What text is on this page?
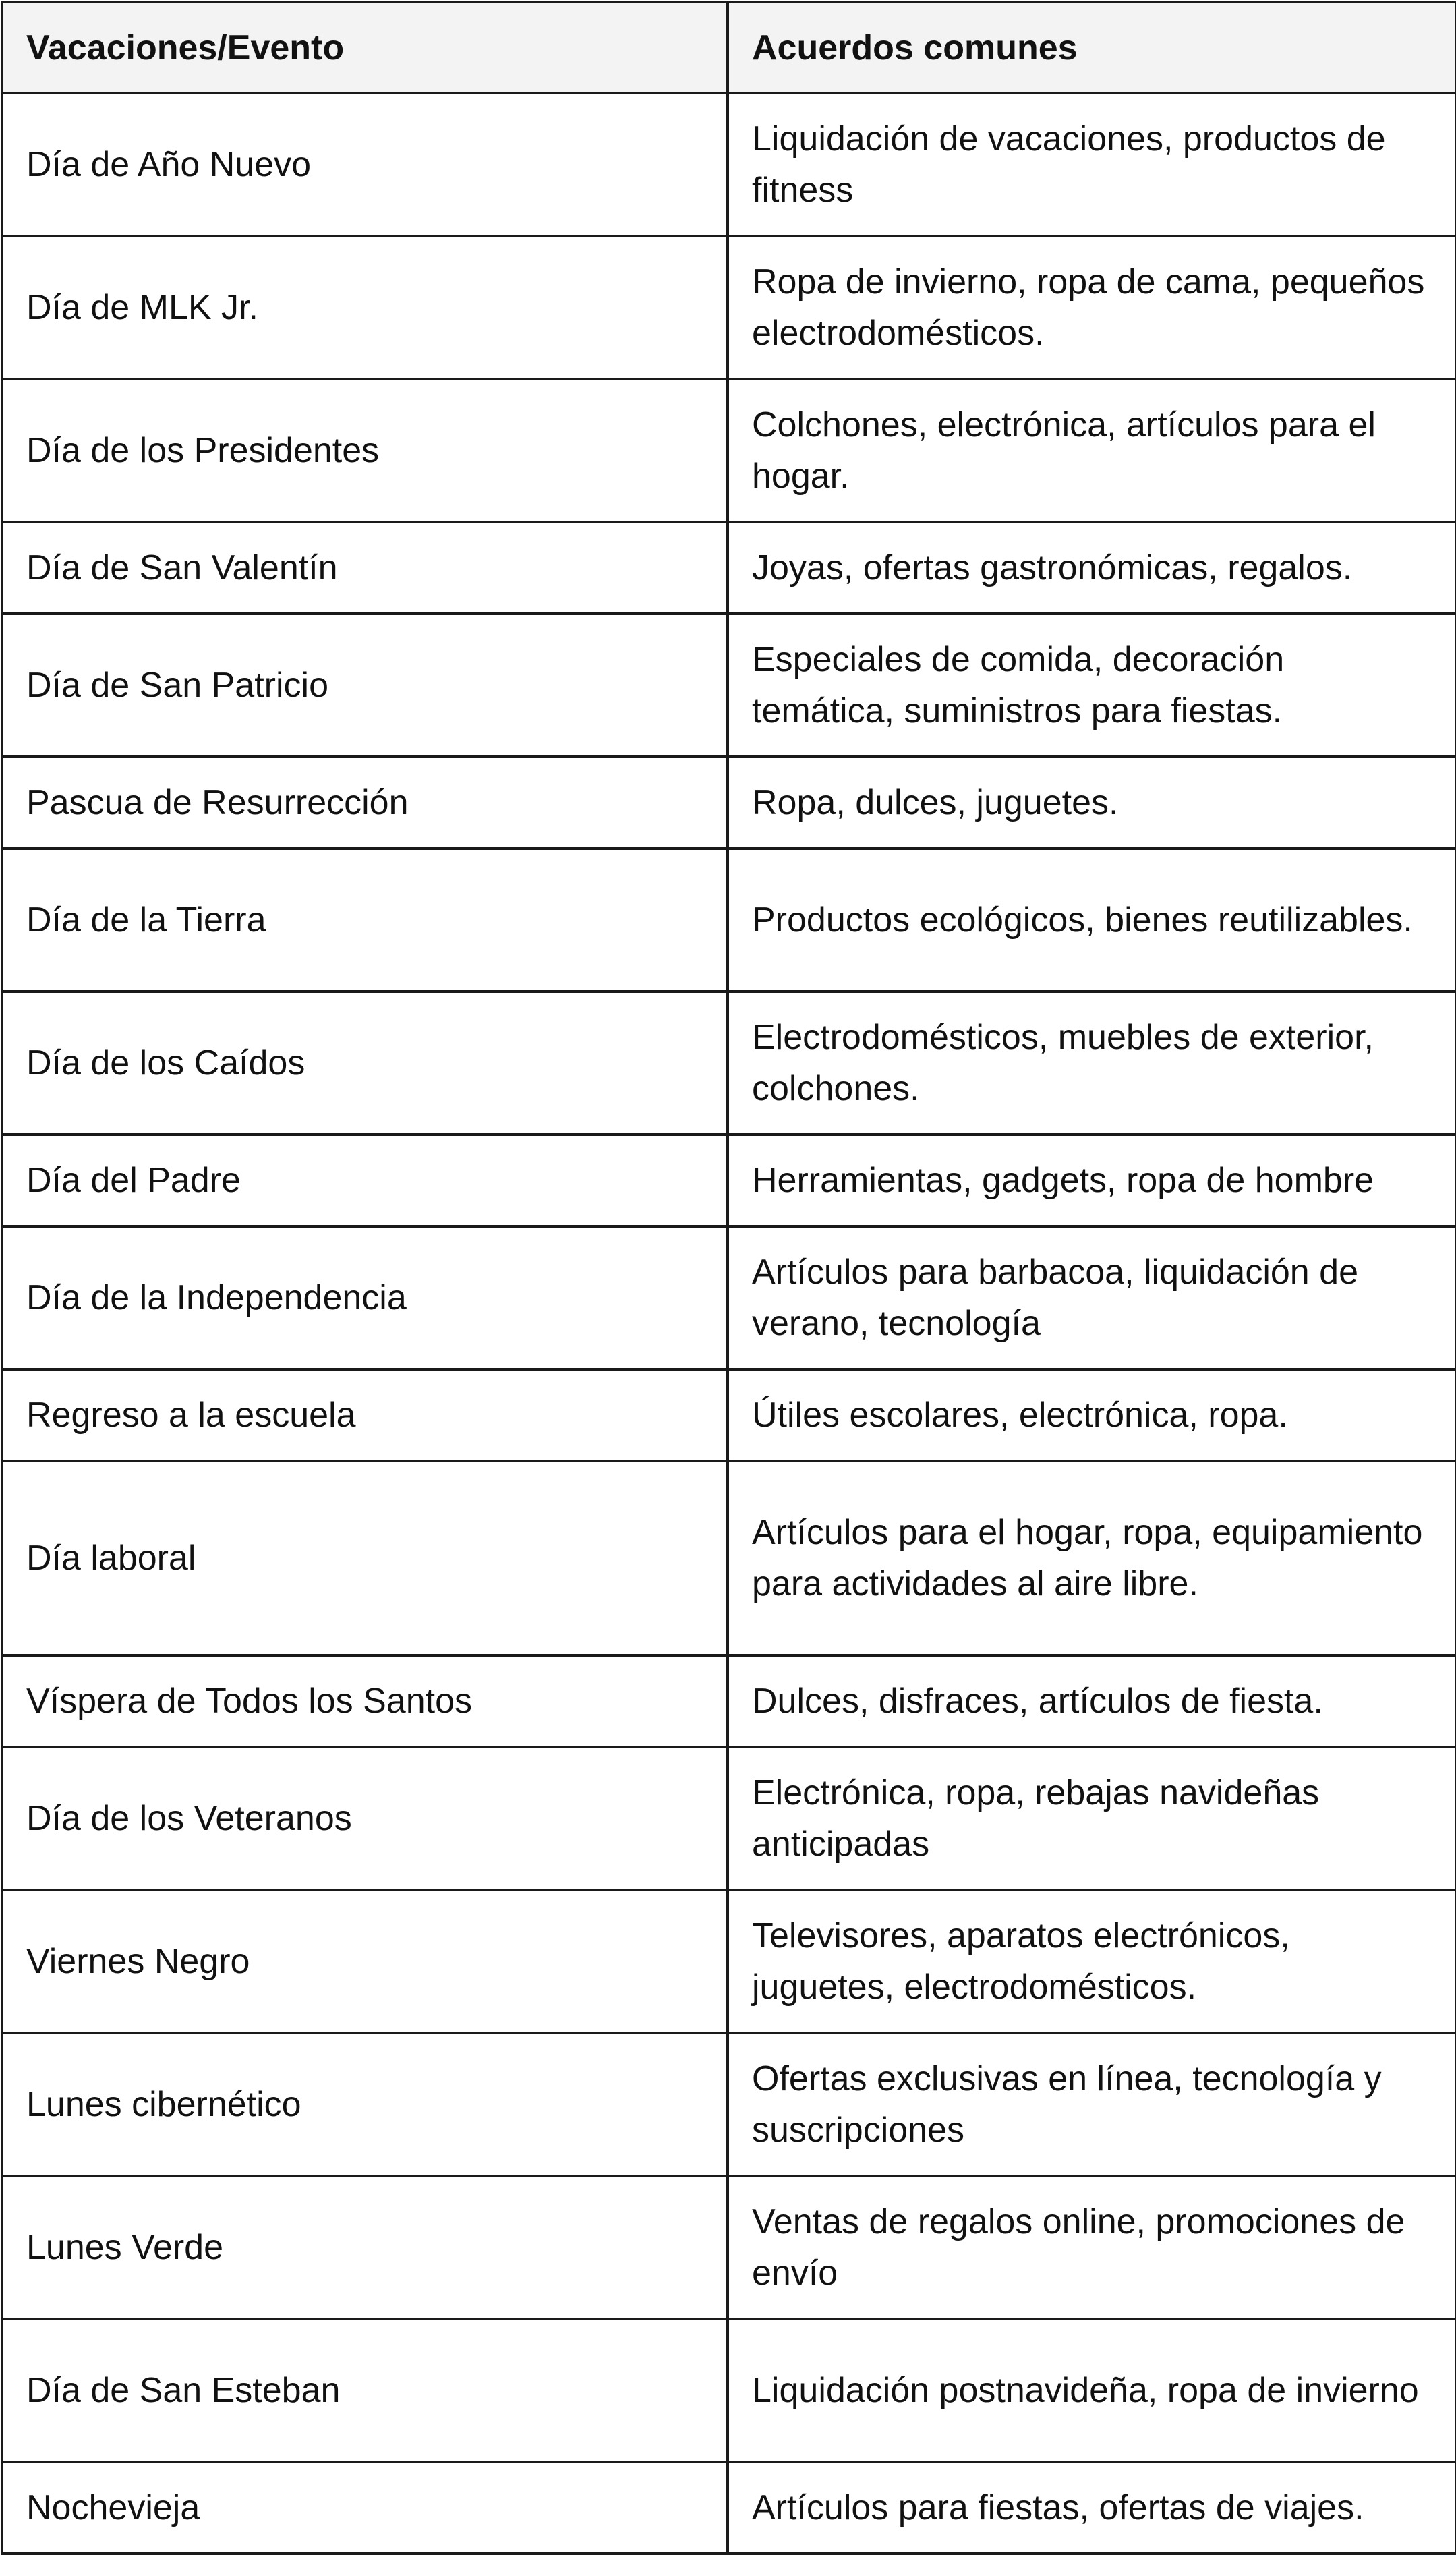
Vacaciones/Evento	Acuerdos comunes
Día de Año Nuevo	Liquidación de vacaciones, productos de fitness
Día de MLK Jr.	Ropa de invierno, ropa de cama, pequeños electrodomésticos.
Día de los Presidentes	Colchones, electrónica, artículos para el hogar.
Día de San Valentín	Joyas, ofertas gastronómicas, regalos.
Día de San Patricio	Especiales de comida, decoración temática, suministros para fiestas.
Pascua de Resurrección	Ropa, dulces, juguetes.
Día de la Tierra	Productos ecológicos, bienes reutilizables.
Día de los Caídos	Electrodomésticos, muebles de exterior, colchones.
Día del Padre	Herramientas, gadgets, ropa de hombre
Día de la Independencia	Artículos para barbacoa, liquidación de verano, tecnología
Regreso a la escuela	Útiles escolares, electrónica, ropa.
Día laboral	Artículos para el hogar, ropa, equipamiento para actividades al aire libre.
Víspera de Todos los Santos	Dulces, disfraces, artículos de fiesta.
Día de los Veteranos	Electrónica, ropa, rebajas navideñas anticipadas
Viernes Negro	Televisores, aparatos electrónicos, juguetes, electrodomésticos.
Lunes cibernético	Ofertas exclusivas en línea, tecnología y suscripciones
Lunes Verde	Ventas de regalos online, promociones de envío
Día de San Esteban	Liquidación postnavideña, ropa de invierno
Nochevieja	Artículos para fiestas, ofertas de viajes.
